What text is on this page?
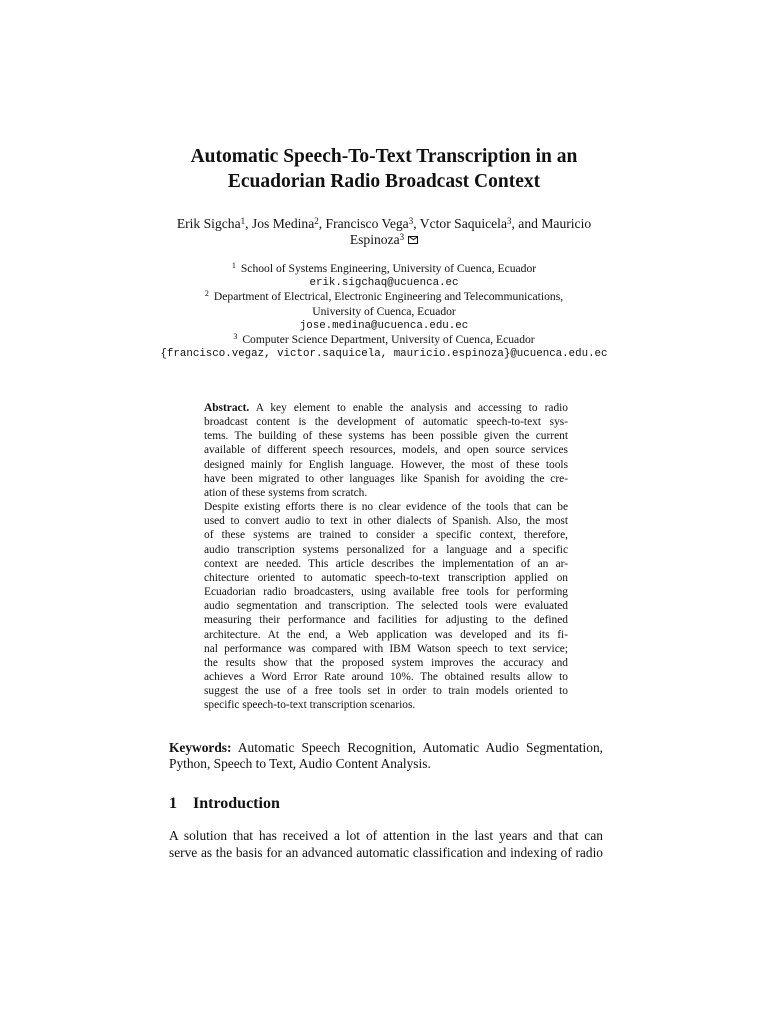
Automatic Speech-To-Text Transcription in an
Ecuadorian Radio Broadcast Context
Erik Sigcha$^1$, Jos Medina$^2$, Francisco Vega$^3$, Vctor Saquicela$^3$, and Mauricio
Espinoza$^3$
$^1$ School of Systems Engineering, University of Cuenca, Ecuador
erik.sigchaq@ucuenca.ec
$^2$ Department of Electrical, Electronic Engineering and Telecommunications,
University of Cuenca, Ecuador
jose.medina@ucuenca.edu.ec
$^3$ Computer Science Department, University of Cuenca, Ecuador
{francisco.vegaz, victor.saquicela, mauricio.espinoza}@ucuenca.edu.ec
Abstract. A key element to enable the analysis and accessing to radio
broadcast content is the development of automatic speech-to-text sys-
tems. The building of these systems has been possible given the current
available of different speech resources, models, and open source services
designed mainly for English language. However, the most of these tools
have been migrated to other languages like Spanish for avoiding the cre-
ation of these systems from scratch.
Despite existing efforts there is no clear evidence of the tools that can be
used to convert audio to text in other dialects of Spanish. Also, the most
of these systems are trained to consider a specific context, therefore,
audio transcription systems personalized for a language and a specific
context are needed. This article describes the implementation of an ar-
chitecture oriented to automatic speech-to-text transcription applied on
Ecuadorian radio broadcasters, using available free tools for performing
audio segmentation and transcription. The selected tools were evaluated
measuring their performance and facilities for adjusting to the defined
architecture. At the end, a Web application was developed and its fi-
nal performance was compared with IBM Watson speech to text service;
the results show that the proposed system improves the accuracy and
achieves a Word Error Rate around 10%. The obtained results allow to
suggest the use of a free tools set in order to train models oriented to
specific speech-to-text transcription scenarios.
Keywords: Automatic Speech Recognition, Automatic Audio Segmentation,
Python, Speech to Text, Audio Content Analysis.
1 Introduction
A solution that has received a lot of attention in the last years and that can
serve as the basis for an advanced automatic classification and indexing of radio
